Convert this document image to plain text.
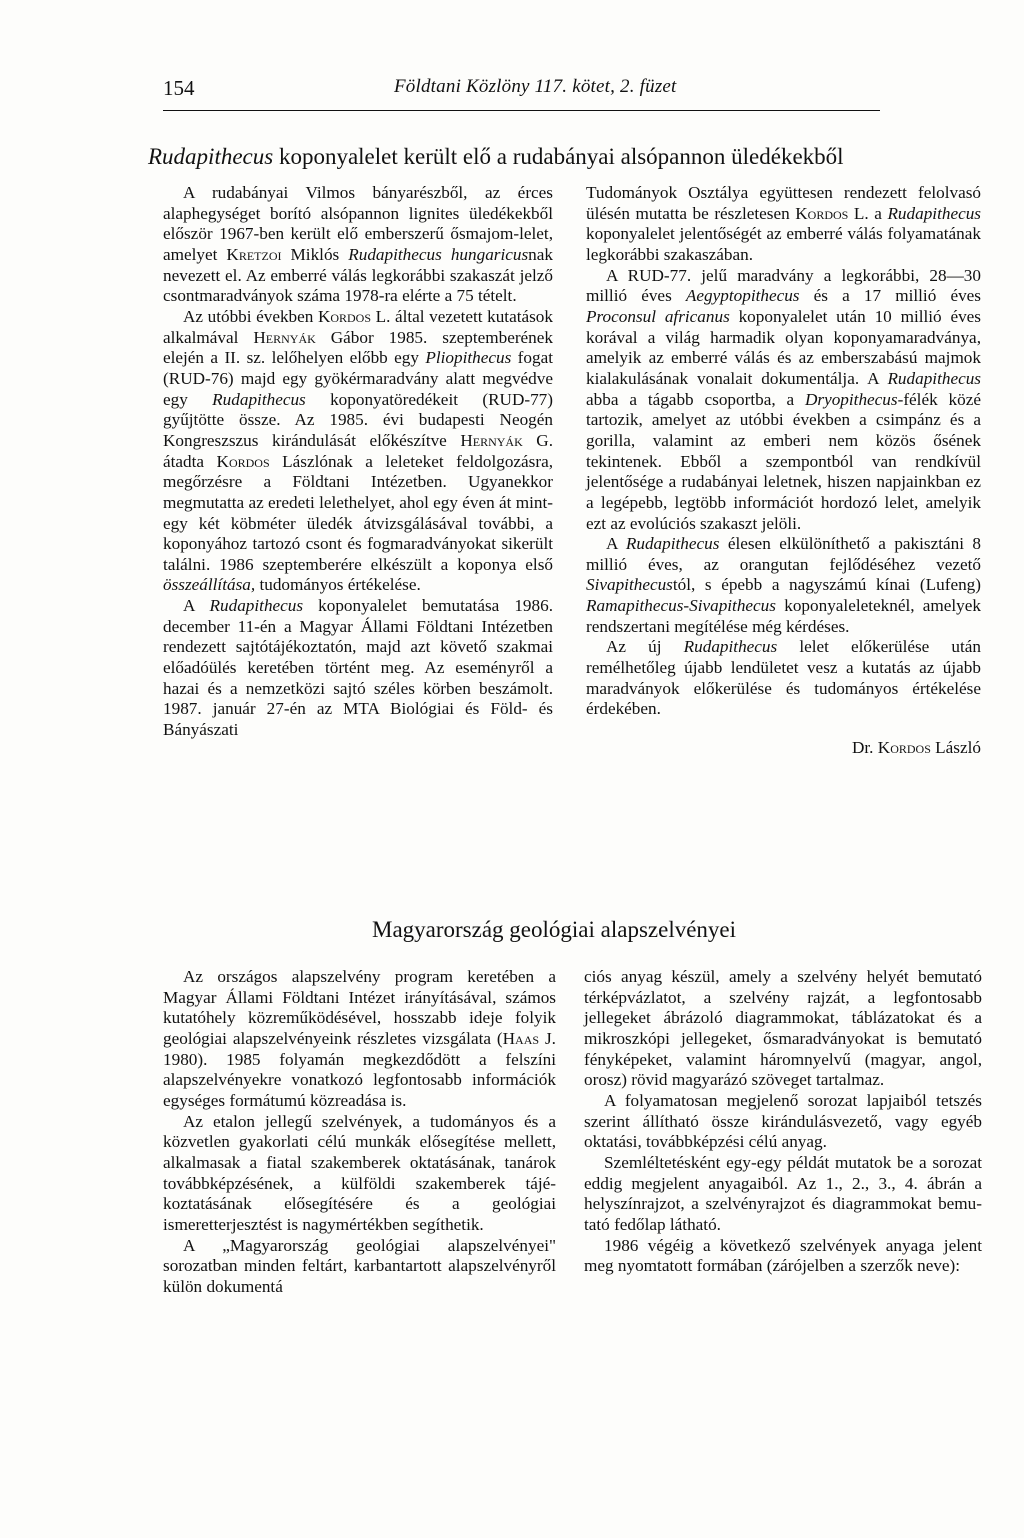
154	Földtani Közlöny 117. kötet, 2. füzet
Rudapithecus koponyalelet került elő a rudabányai alsópannon üledékekből

A rudabányai Vilmos bányarészből, az érces alaphegységet borító alsópannon lignites üledékekből először 1967-ben került elő emberszerű ősmajom-lelet, amelyet Kretzoi Miklós Rudapithecus hungaricusnak nevezett el. Az emberré válás legkorábbi szakaszát jelző csontmaradványok száma 1978-ra elérte a 75 tételt.

Az utóbbi években Kordos L. által vezetett kutatások alkalmával Hernyák Gábor 1985. szeptemberének elején a II. sz. lelőhelyen előbb egy Pliopithecus fogat (RUD-76) majd egy gyökérmaradvány alatt megvédve egy Rudapithecus koponyatöredékeit (RUD-77) gyűjtötte össze. Az 1985. évi budapesti Neogén Kongreszszus kirándulását előkészítve Hernyák G. átadta Kordos Lászlónak a leleteket feldolgozásra, megőrzésre a Földtani Intézetben. Ugyanekkor megmutatta az eredeti lelethelyet, ahol egy éven át mintegy két köbméter üledék átvizsgálásával további, a koponyához tartozó csont és fogmaradványokat sikerült találni. 1986 szeptemberére elkészült a koponya első összeállítása, tudományos értékelése.

A Rudapithecus koponyalelet bemutatása 1986. december 11-én a Magyar Állami Földtani Intézetben rendezett sajtótájékoztatón, majd azt követő szakmai előadóülés keretében történt meg. Az eseményről a hazai és a nemzetközi sajtó széles körben beszámolt. 1987. január 27-én az MTA Biológiai és Föld- és Bányászati

Tudományok Osztálya együttesen rendezett felolvasó ülésén mutatta be részletesen Kordos L. a Rudapithecus koponyalelet jelentőségét az emberré válás folyamatának legkorábbi szakaszában.

A RUD-77. jelű maradvány a legkorábbi, 28—30 millió éves Aegyptopithecus és a 17 millió éves Proconsul africanus koponyalelet után 10 millió éves korával a világ harmadik olyan koponyamaradványa, amelyik az emberré válás és az emberszabású majmok kialakulásának vonalait dokumentálja. A Rudapithecus abba a tágabb csoportba, a Dryopithecus-félék közé tartozik, amelyet az utóbbi években a csimpánz és a gorilla, valamint az emberi nem közös ősének tekintenek. Ebből a szempontból van rendkívül jelentősége a rudabányai leletnek, hiszen napjainkban ez a legépebb, legtöbb információt hordozó lelet, amelyik ezt az evolúciós szakaszt jelöli.

A Rudapithecus élesen elkülöníthető a pakisztáni 8 millió éves, az orangutan fejlődéséhez vezető Sivapithecustól, s épebb a nagyszámú kínai (Lufeng) Ramapithecus-Sivapithecus koponyaleleteknél, amelyek rendszertani megítélése még kérdéses.

Az új Rudapithecus lelet előkerülése után remélhetőleg újabb lendületet vesz a kutatás az újabb maradványok előkerülése és tudományos értékelése érdekében.

Dr. Kordos László

Magyarország geológiai alapszelvényei

Az országos alapszelvény program keretében a Magyar Állami Földtani Intézet irányításával, számos kutatóhely közreműködésével, hosszabb ideje folyik geológiai alapszelvényeink részletes vizsgálata (Haas J. 1980). 1985 folyamán megkezdődött a felszíni alapszelvényekre vonatkozó legfontosabb információk egységes formátumú közreadása is.

Az etalon jellegű szelvények, a tudományos és a közvetlen gyakorlati célú munkák elősegítése mellett, alkalmasak a fiatal szakemberek oktatásának, tanárok továbbképzésének, a külföldi szakemberek tájékoztatásának elősegítésére és a geológiai ismeretterjesztést is nagymértékben segíthetik.

A „Magyarország geológiai alapszelvényei" sorozatban minden feltárt, karbantartott alapszelvényről külön dokumentá

ciós anyag készül, amely a szelvény helyét bemutató térképvázlatot, a szelvény rajzát, a legfontosabb jellegeket ábrázoló diagrammokat, táblázatokat és a mikroszkópi jellegeket, ősmaradványokat is bemutató fényképeket, valamint háromnyelvű (magyar, angol, orosz) rövid magyarázó szöveget tartalmaz.

A folyamatosan megjelenő sorozat lapjaiból tetszés szerint állítható össze kirándulásvezető, vagy egyéb oktatási, továbbképzési célú anyag.

Szemléltetésként egy-egy példát mutatok be a sorozat eddig megjelent anyagaiból. Az 1., 2., 3., 4. ábrán a helyszínrajzot, a szelvényrajzot és diagrammokat bemutató fedőlap látható.

1986 végéig a következő szelvények anyaga jelent meg nyomtatott formában (zárójelben a szerzők neve):
